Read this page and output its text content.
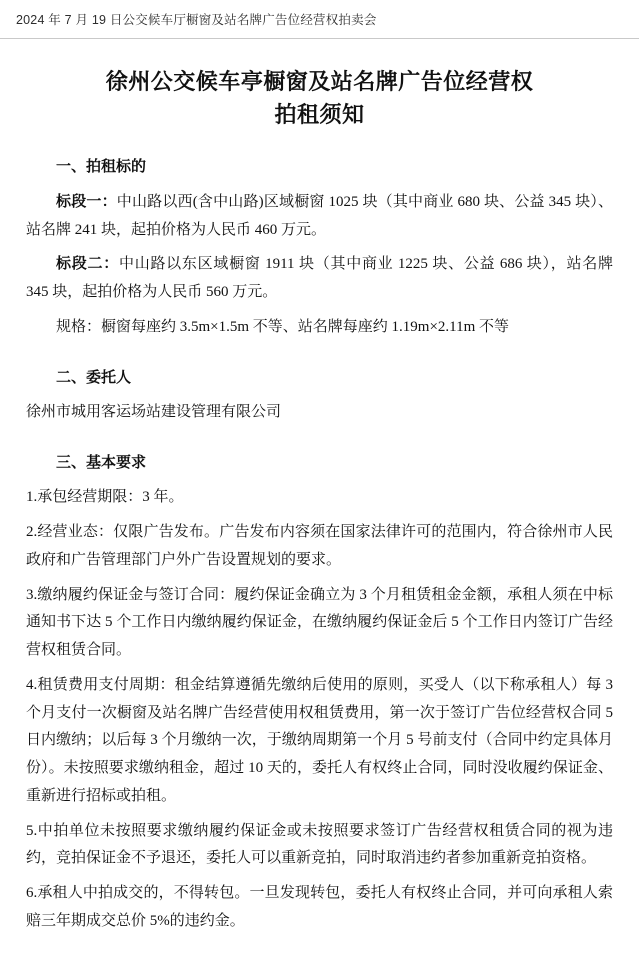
2024 年 7 月 19 日公交候车厅橱窗及站名牌广告位经营权拍卖会
徐州公交候车亭橱窗及站名牌广告位经营权
拍租须知
一、拍租标的

标段一：中山路以西(含中山路)区域橱窗 1025 块（其中商业 680 块、公益 345 块）、站名牌 241 块，起拍价格为人民币 460 万元。

标段二：中山路以东区域橱窗 1911 块（其中商业 1225 块、公益 686 块），站名牌 345 块，起拍价格为人民币 560 万元。

规格：橱窗每座约 3.5m×1.5m 不等、站名牌每座约 1.19m×2.11m 不等

二、委托人

徐州市城用客运场站建设管理有限公司

三、基本要求

1.承包经营期限：3 年。

2.经营业态：仅限广告发布。广告发布内容须在国家法律许可的范围内，符合徐州市人民政府和广告管理部门户外广告设置规划的要求。

3.缴纳履约保证金与签订合同：履约保证金确立为 3 个月租赁租金金额，承租人须在中标通知书下达 5 个工作日内缴纳履约保证金，在缴纳履约保证金后 5 个工作日内签订广告经营权租赁合同。

4.租赁费用支付周期：租金结算遵循先缴纳后使用的原则，买受人（以下称承租人）每 3 个月支付一次橱窗及站名牌广告经营使用权租赁费用，第一次于签订广告位经营权合同 5 日内缴纳；以后每 3 个月缴纳一次，于缴纳周期第一个月 5 号前支付（合同中约定具体月份）。未按照要求缴纳租金，超过 10 天的，委托人有权终止合同，同时没收履约保证金、重新进行招标或拍租。

5.中拍单位未按照要求缴纳履约保证金或未按照要求签订广告经营权租赁合同的视为违约，竞拍保证金不予退还，委托人可以重新竞拍，同时取消违约者参加重新竞拍资格。

6.承租人中拍成交的，不得转包。一旦发现转包，委托人有权终止合同，并可向承租人索赔三年期成交总价 5%的违约金。
